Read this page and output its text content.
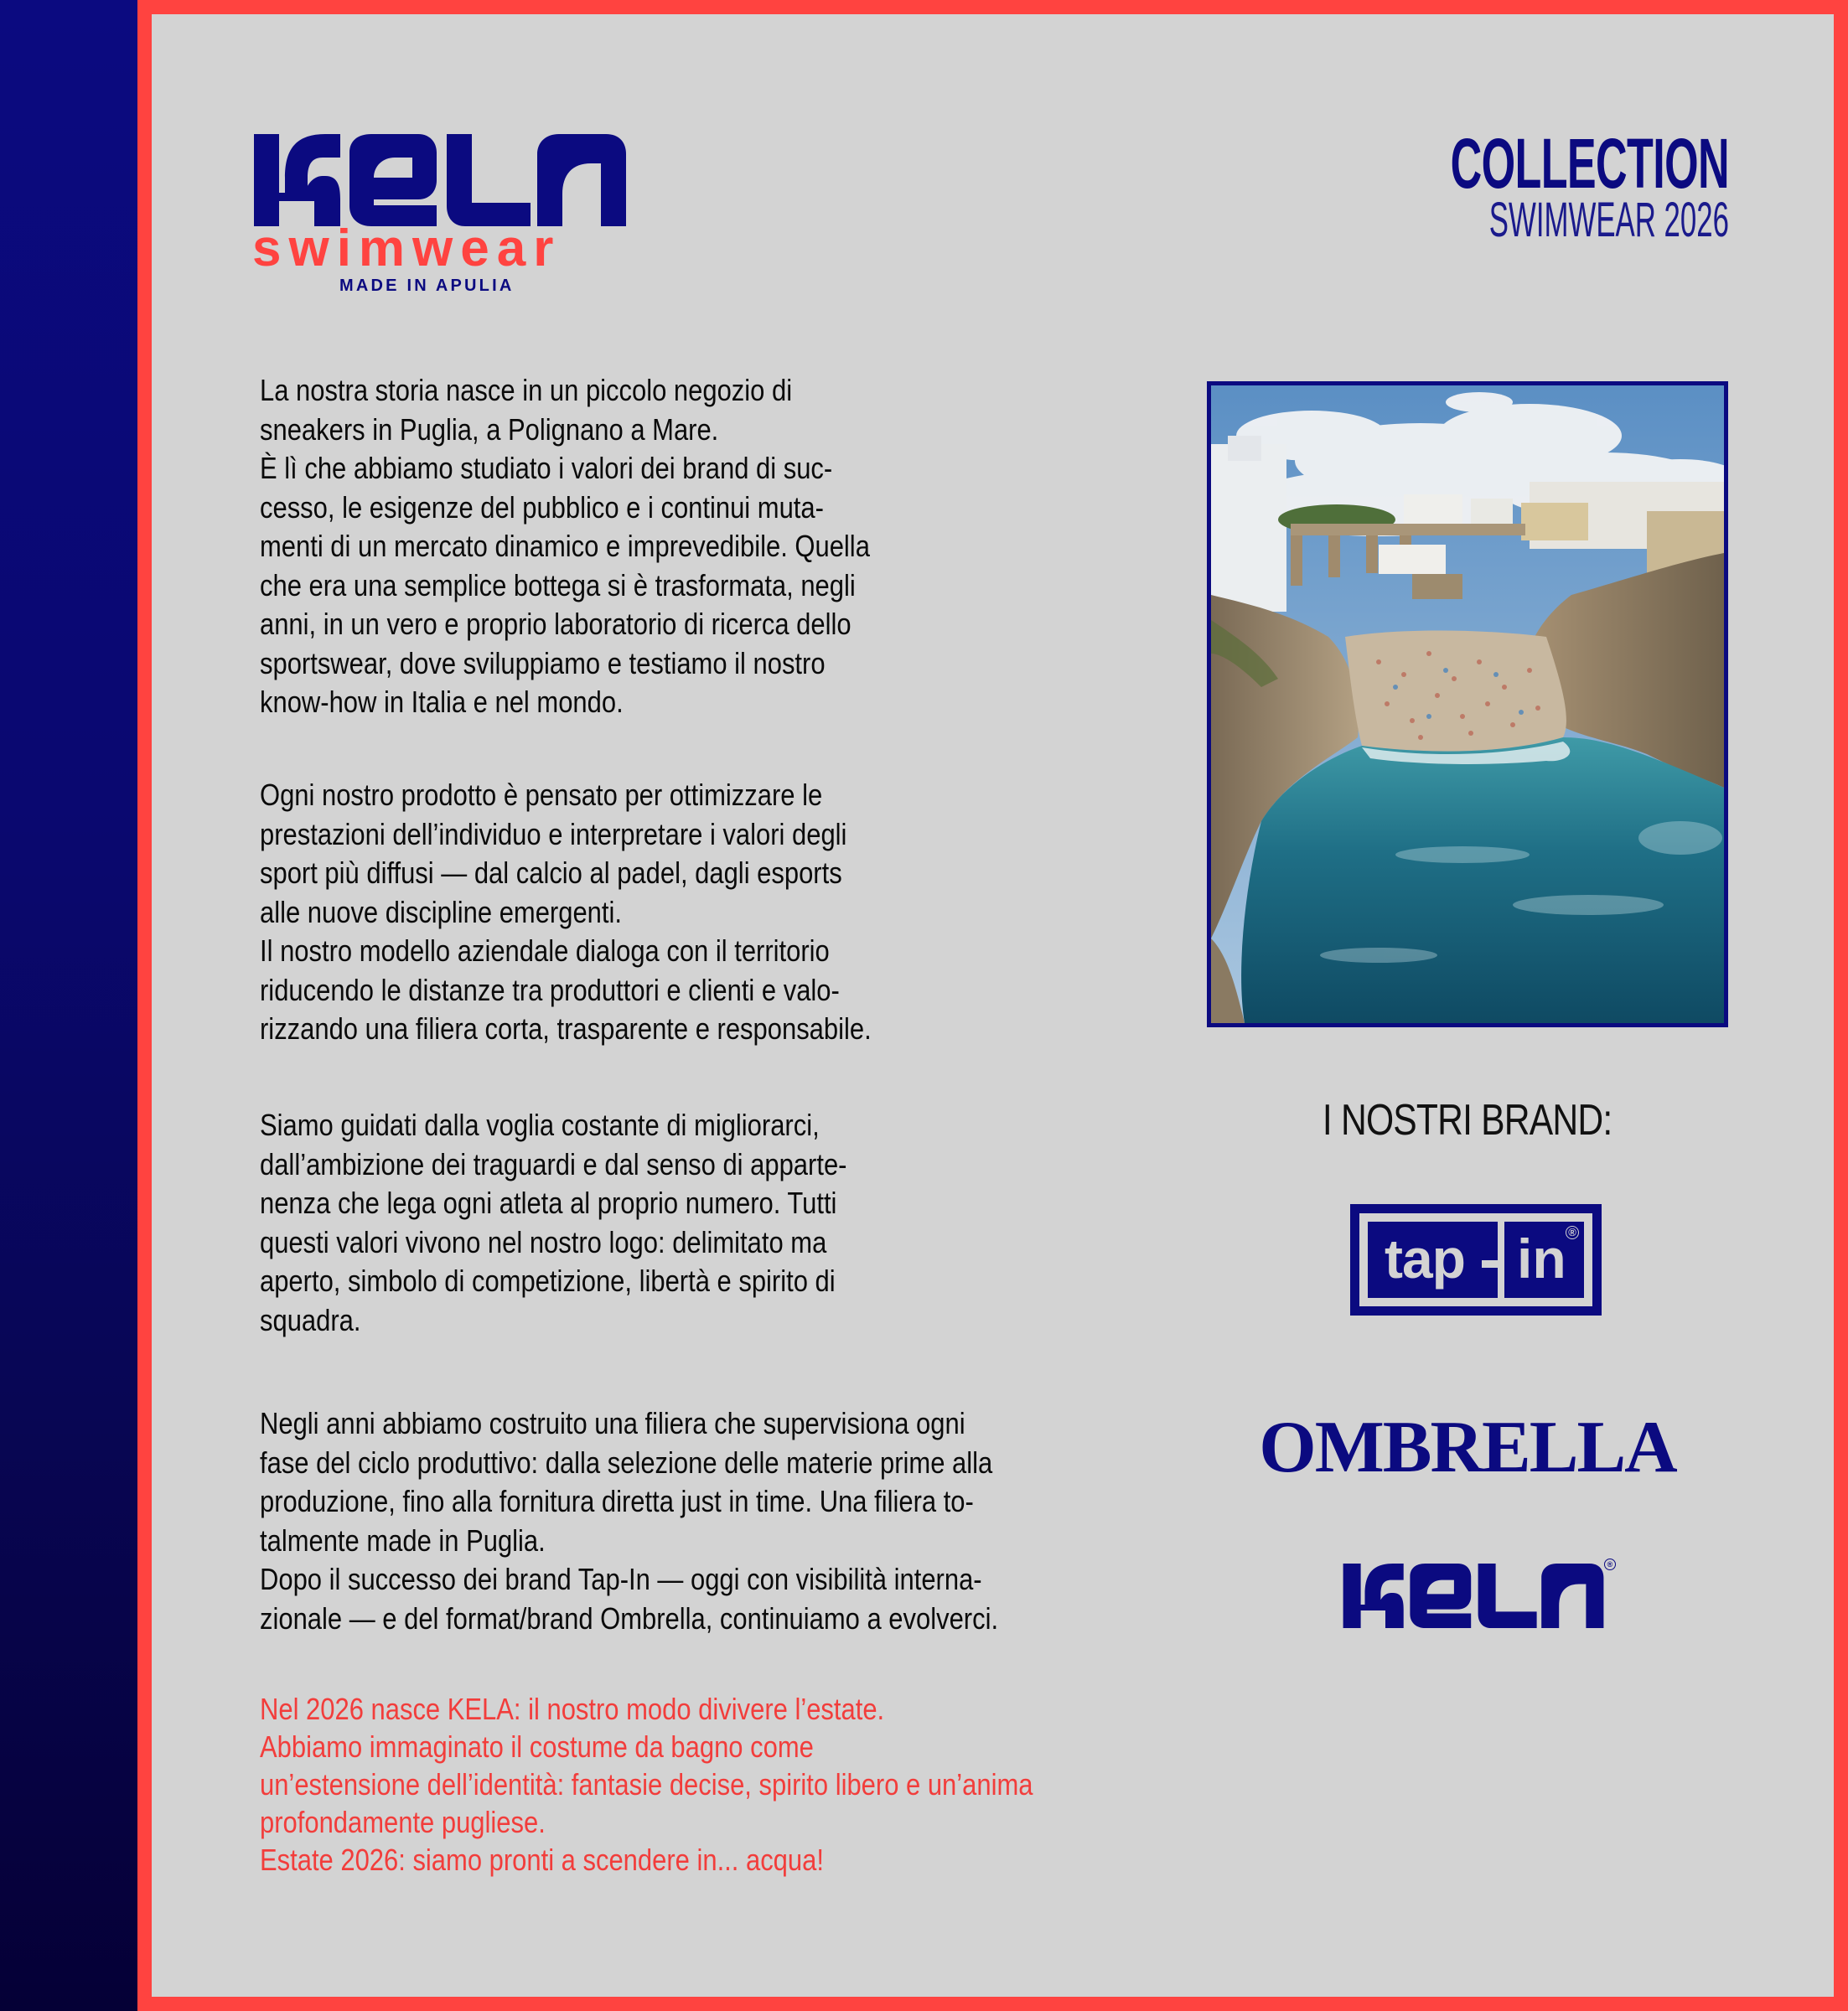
swimwear
MADE IN APULIA
COLLECTION
SWIMWEAR 2026
La nostra storia nasce in un piccolo negozio di
sneakers in Puglia, a Polignano a Mare.
È lì che abbiamo studiato i valori dei brand di suc-
cesso, le esigenze del pubblico e i continui muta-
menti di un mercato dinamico e imprevedibile. Quella
che era una semplice bottega si è trasformata, negli
anni, in un vero e proprio laboratorio di ricerca dello
sportswear, dove sviluppiamo e testiamo il nostro
know-how in Italia e nel mondo.
Ogni nostro prodotto è pensato per ottimizzare le
prestazioni dell’individuo e interpretare i valori degli
sport più diffusi — dal calcio al padel, dagli esports
alle nuove discipline emergenti.
Il nostro modello aziendale dialoga con il territorio
riducendo le distanze tra produttori e clienti e valo-
rizzando una filiera corta, trasparente e responsabile.
Siamo guidati dalla voglia costante di migliorarci,
dall’ambizione dei traguardi e dal senso di apparte-
nenza che lega ogni atleta al proprio numero. Tutti
questi valori vivono nel nostro logo: delimitato ma
aperto, simbolo di competizione, libertà e spirito di
squadra.
Negli anni abbiamo costruito una filiera che supervisiona ogni
fase del ciclo produttivo: dalla selezione delle materie prime alla
produzione, fino alla fornitura diretta just in time. Una filiera to-
talmente made in Puglia.
Dopo il successo dei brand Tap-In — oggi con visibilità interna-
zionale — e del format/brand Ombrella, continuiamo a evolverci.
Nel 2026 nasce KELA: il nostro modo divivere l’estate.
Abbiamo immaginato il costume da bagno come
un’estensione dell’identità: fantasie decise, spirito libero e un’anima
profondamente pugliese.
Estate 2026: siamo pronti a scendere in... acqua!
I NOSTRI BRAND:
tap in ®
OMBRELLA
®
